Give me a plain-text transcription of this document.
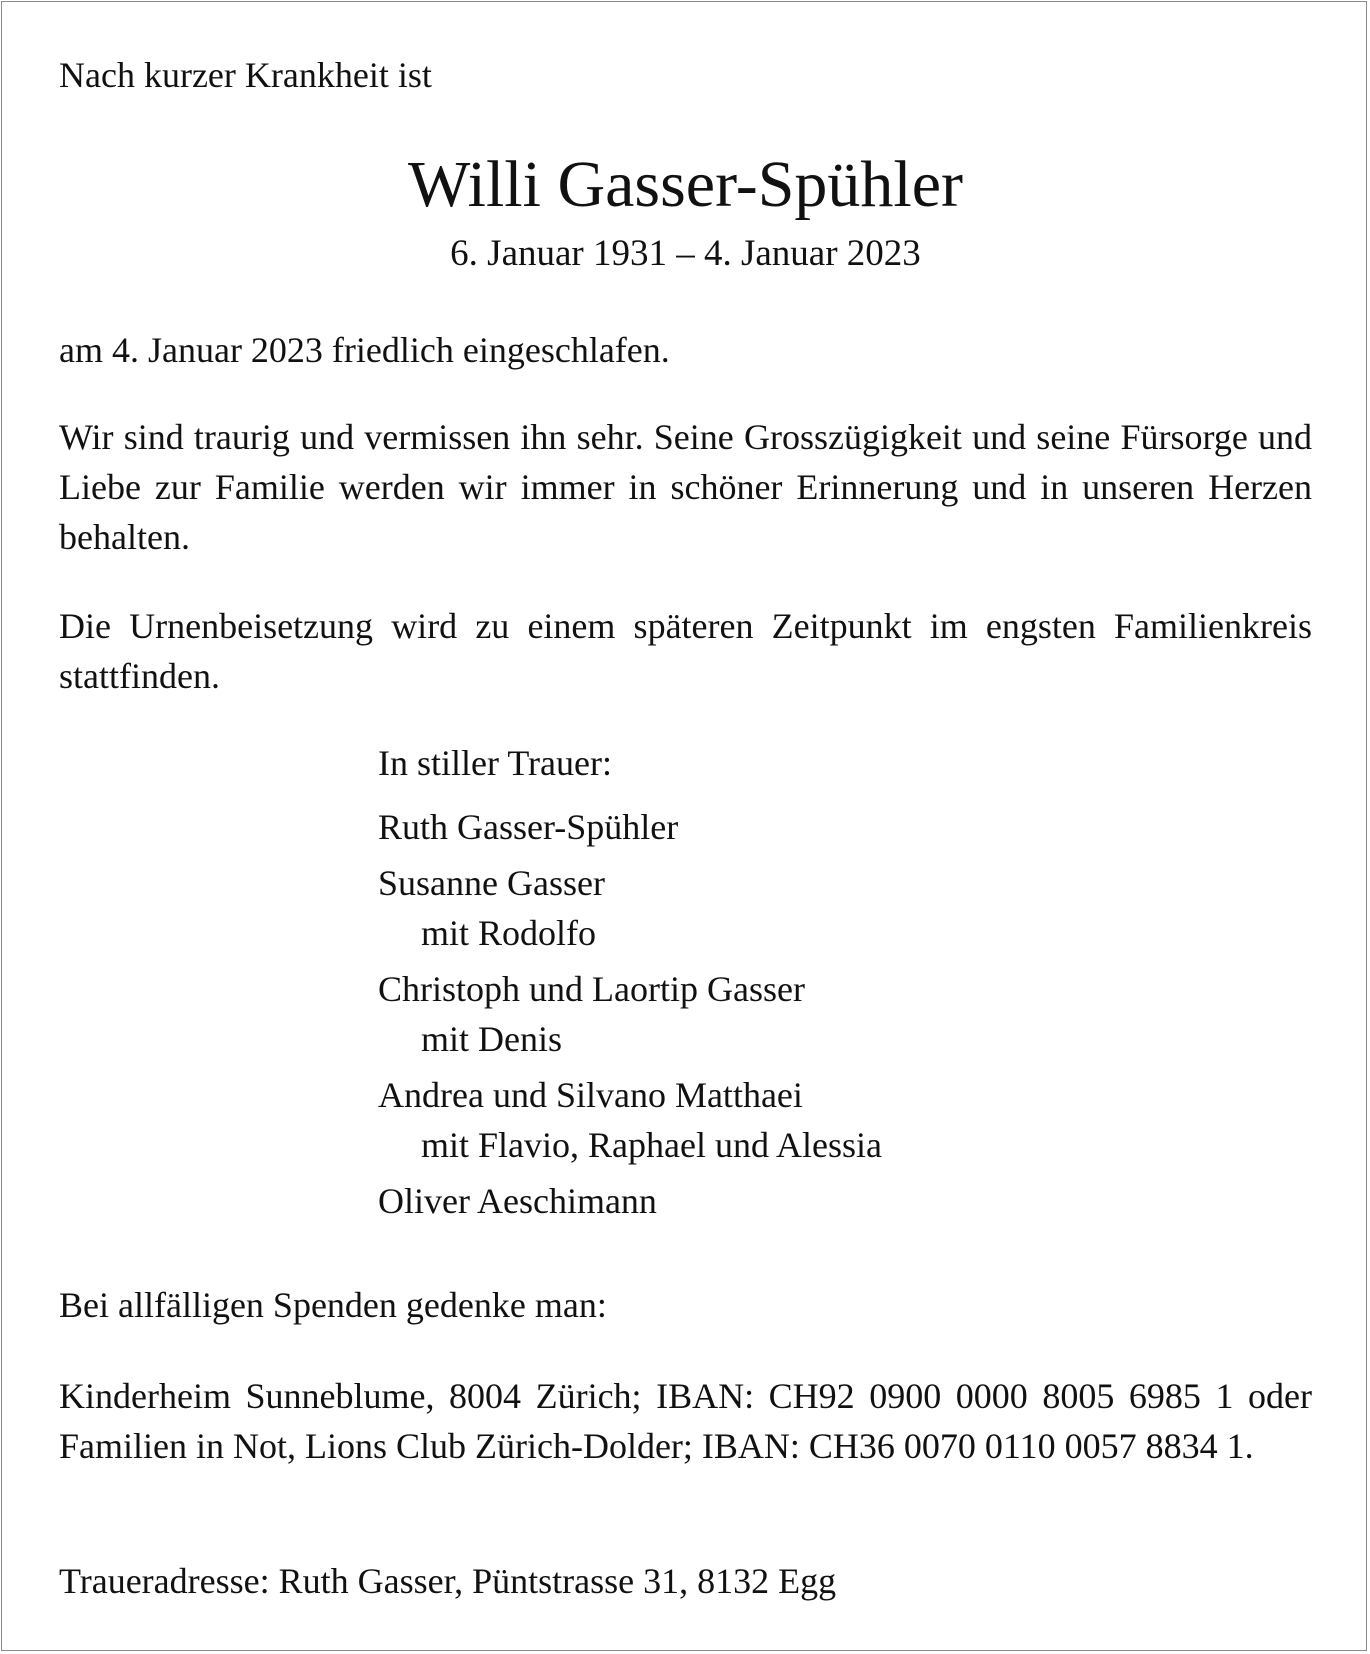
Nach kurzer Krankheit ist
Willi Gasser-Spühler
6. Januar 1931 – 4. Januar 2023
am 4. Januar 2023 friedlich eingeschlafen.
Wir sind traurig und vermissen ihn sehr. Seine Grosszügigkeit und seine Fürsorge und Liebe zur Familie werden wir immer in schöner Erinnerung und in unseren Herzen behalten.
Die Urnenbeisetzung wird zu einem späteren Zeitpunkt im engsten Familienkreis stattfinden.
In stiller Trauer:
Ruth Gasser-Spühler
Susanne Gasser
mit Rodolfo
Christoph und Laortip Gasser
mit Denis
Andrea und Silvano Matthaei
mit Flavio, Raphael und Alessia
Oliver Aeschimann
Bei allfälligen Spenden gedenke man:
Kinderheim Sunneblume, 8004 Zürich; IBAN: CH92 0900 0000 8005 6985 1 oder Familien in Not, Lions Club Zürich-Dolder; IBAN: CH36 0070 0110 0057 8834 1.
Traueradresse: Ruth Gasser, Püntstrasse 31, 8132 Egg
